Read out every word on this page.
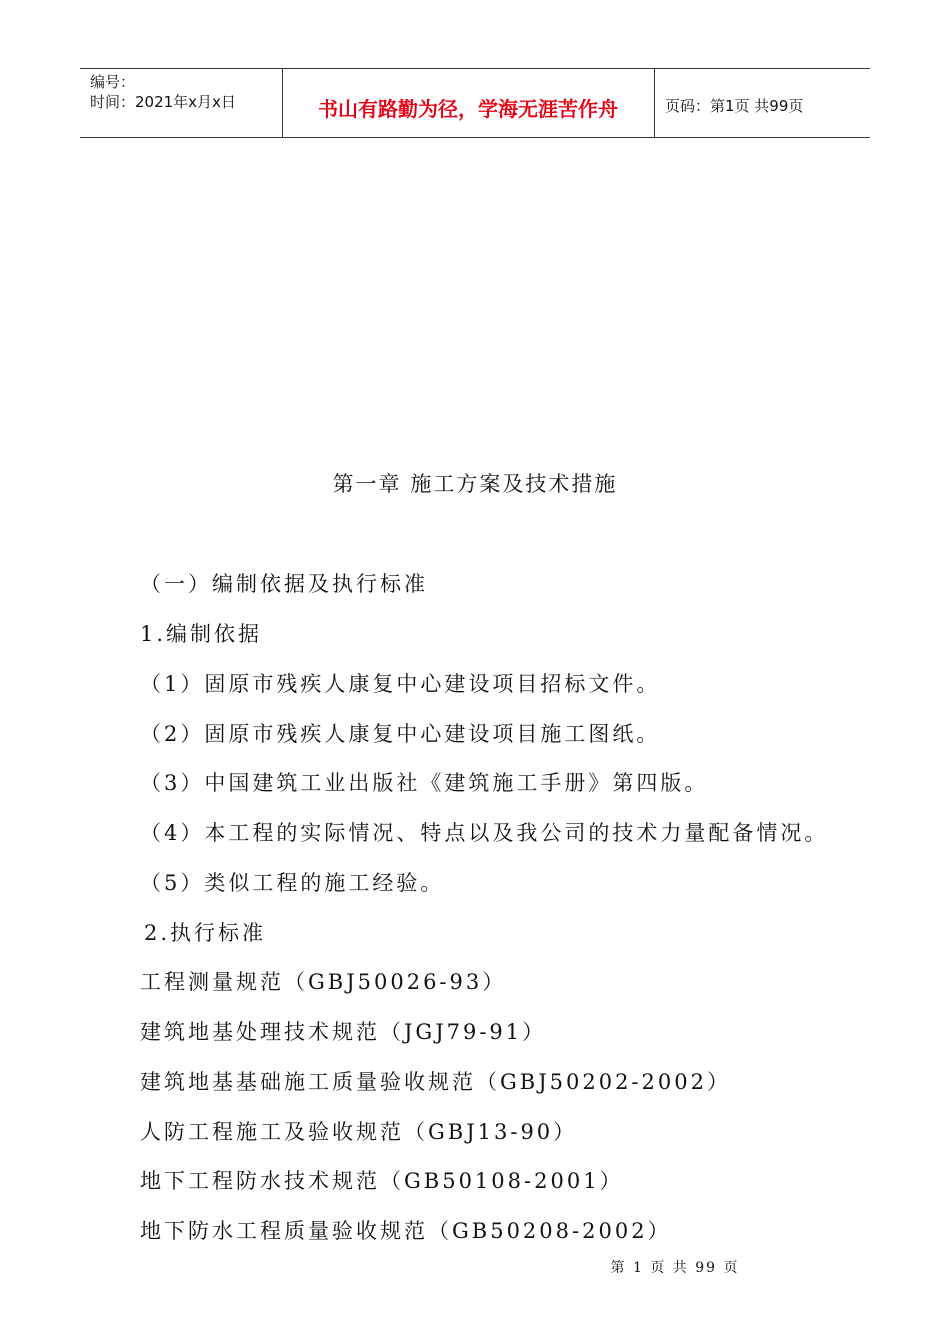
编号：
时间：2021年x月x日	书山有路勤为径，学海无涯苦作舟	页码：第1页 共99页
第一章 施工方案及技术措施
（一）编制依据及执行标准
1.编制依据
（1）固原市残疾人康复中心建设项目招标文件。
（2）固原市残疾人康复中心建设项目施工图纸。
（3）中国建筑工业出版社《建筑施工手册》第四版。
（4）本工程的实际情况、特点以及我公司的技术力量配备情况。
（5）类似工程的施工经验。
2.执行标准
工程测量规范（GBJ50026-93）
建筑地基处理技术规范（JGJ79-91）
建筑地基基础施工质量验收规范（GBJ50202-2002）
人防工程施工及验收规范（GBJ13-90）
地下工程防水技术规范（GB50108-2001）
地下防水工程质量验收规范（GB50208-2002）
第 1 页 共 99 页
